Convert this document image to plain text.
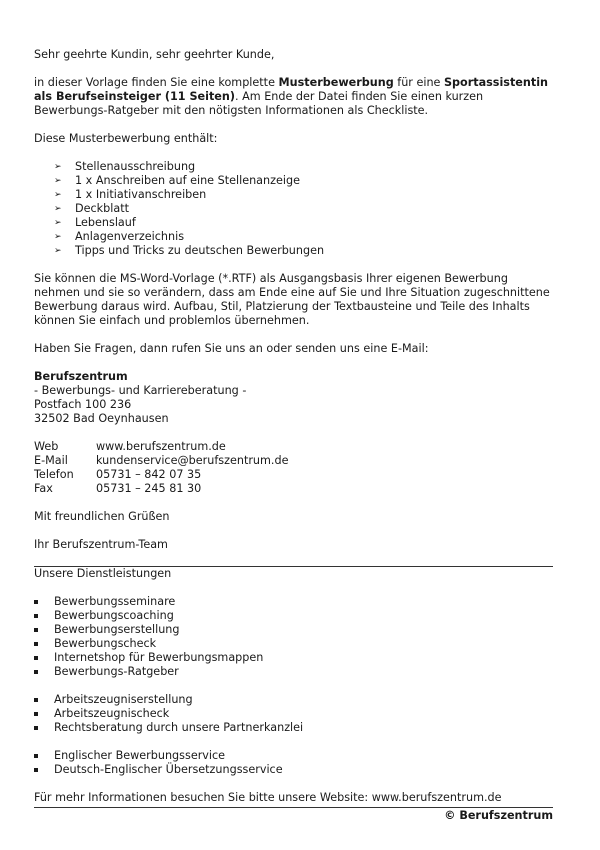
Sehr geehrte Kundin, sehr geehrter Kunde,

in dieser Vorlage finden Sie eine komplette Musterbewerbung für eine Sportassistentin als Berufseinsteiger (11 Seiten). Am Ende der Datei finden Sie einen kurzen Bewerbungs-Ratgeber mit den nötigsten Informationen als Checkliste.

Diese Musterbewerbung enthält:

➢ Stellenausschreibung
➢ 1 x Anschreiben auf eine Stellenanzeige
➢ 1 x Initiativanschreiben
➢ Deckblatt
➢ Lebenslauf
➢ Anlagenverzeichnis
➢ Tipps und Tricks zu deutschen Bewerbungen

Sie können die MS-Word-Vorlage (*.RTF) als Ausgangsbasis Ihrer eigenen Bewerbung nehmen und sie so verändern, dass am Ende eine auf Sie und Ihre Situation zugeschnittene Bewerbung daraus wird. Aufbau, Stil, Platzierung der Textbausteine und Teile des Inhalts können Sie einfach und problemlos übernehmen.

Haben Sie Fragen, dann rufen Sie uns an oder senden uns eine E-Mail:

Berufszentrum

- Bewerbungs- und Karriereberatung -

Postfach 100 236

32502 Bad Oeynhausen

Web	www.berufszentrum.de
E-Mail	kundenservice@berufszentrum.de
Telefon	05731 – 842 07 35
Fax	05731 – 245 81 30

Mit freundlichen Grüßen

Ihr Berufszentrum-Team

Unsere Dienstleistungen

Bewerbungsseminare
Bewerbungscoaching
Bewerbungserstellung
Bewerbungscheck
Internetshop für Bewerbungsmappen
Bewerbungs-Ratgeber
Arbeitszeugniserstellung
Arbeitszeugnischeck
Rechtsberatung durch unsere Partnerkanzlei
Englischer Bewerbungsservice
Deutsch-Englischer Übersetzungsservice

Für mehr Informationen besuchen Sie bitte unsere Website: www.berufszentrum.de

© Berufszentrum
